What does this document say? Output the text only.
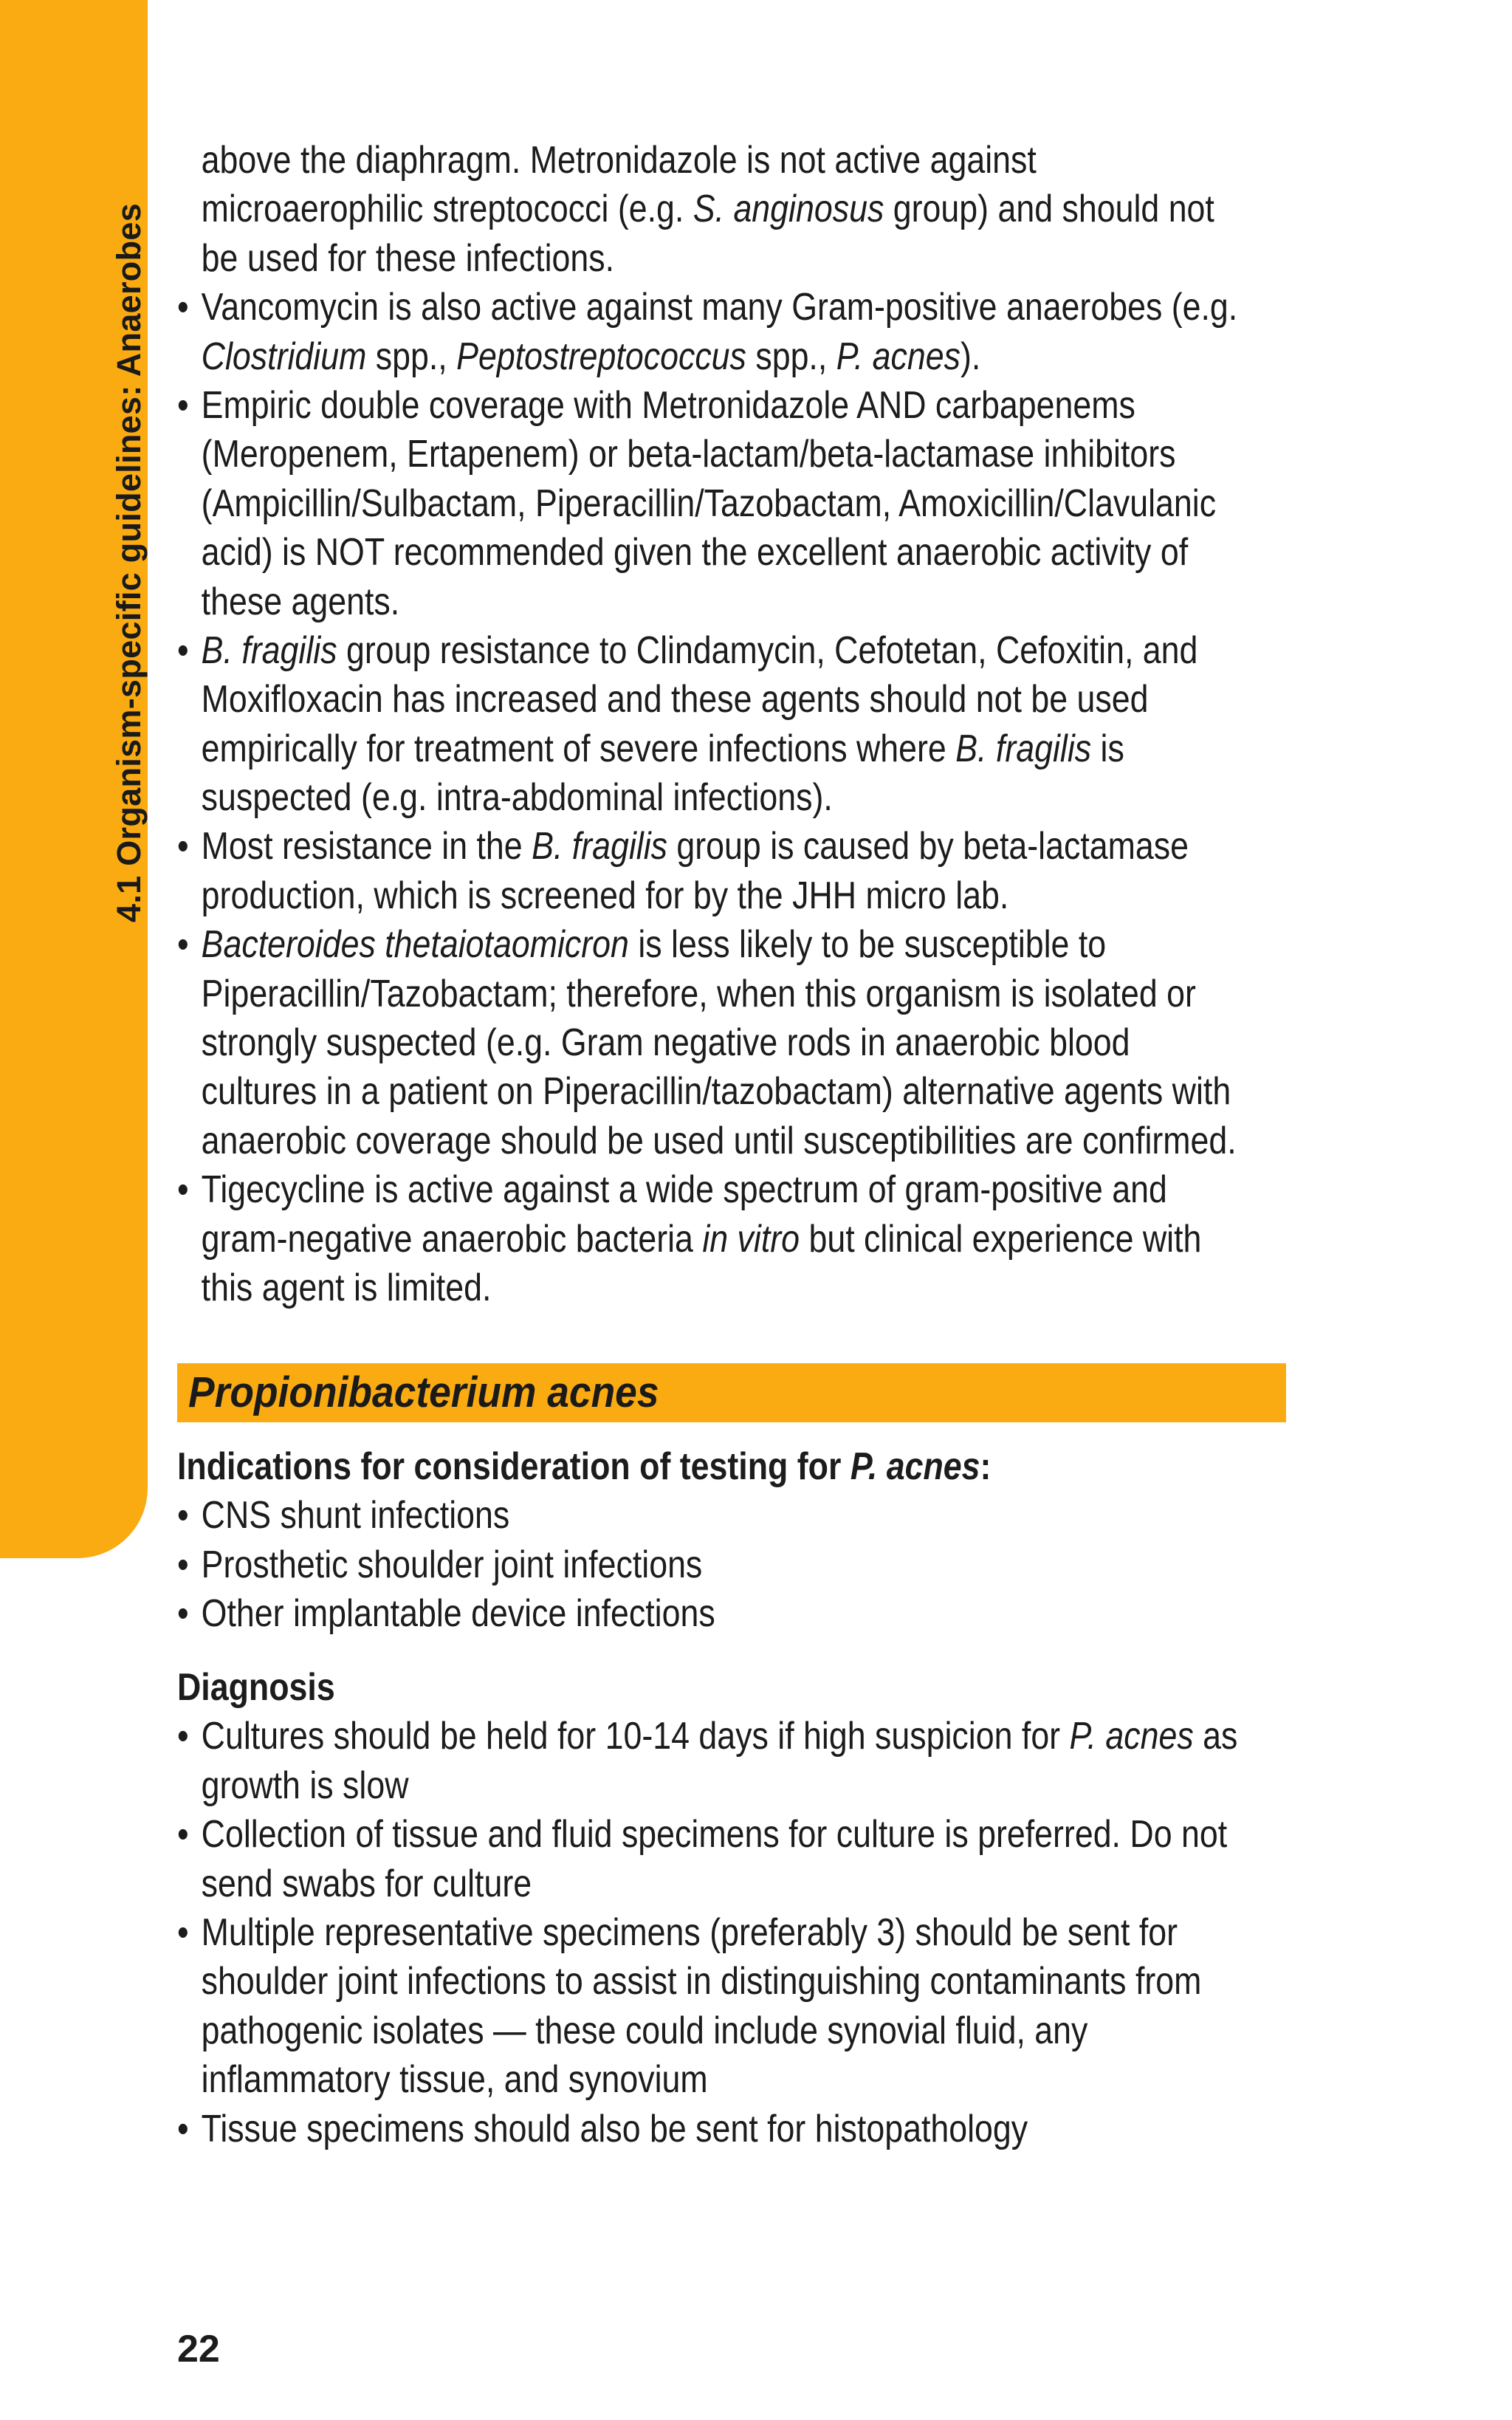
4.1 Organism-specific guidelines: Anaerobes
above the diaphragm. Metronidazole is not active against
microaerophilic streptococci (e.g. S. anginosus group) and should not
be used for these infections.
• Vancomycin is also active against many Gram-positive anaerobes (e.g.
Clostridium spp., Peptostreptococcus spp., P. acnes).
• Empiric double coverage with Metronidazole AND carbapenems
(Meropenem, Ertapenem) or beta-lactam/beta-lactamase inhibitors
(Ampicillin/Sulbactam, Piperacillin/Tazobactam, Amoxicillin/Clavulanic
acid) is NOT recommended given the excellent anaerobic activity of
these agents.
• B. fragilis group resistance to Clindamycin, Cefotetan, Cefoxitin, and
Moxifloxacin has increased and these agents should not be used
empirically for treatment of severe infections where B. fragilis is
suspected (e.g. intra-abdominal infections).
• Most resistance in the B. fragilis group is caused by beta-lactamase
production, which is screened for by the JHH micro lab.
• Bacteroides thetaiotaomicron is less likely to be susceptible to
Piperacillin/Tazobactam; therefore, when this organism is isolated or
strongly suspected (e.g. Gram negative rods in anaerobic blood
cultures in a patient on Piperacillin/tazobactam) alternative agents with
anaerobic coverage should be used until susceptibilities are confirmed.
• Tigecycline is active against a wide spectrum of gram-positive and
gram-negative anaerobic bacteria in vitro but clinical experience with
this agent is limited.
Propionibacterium acnes
Indications for consideration of testing for P. acnes:
• CNS shunt infections
• Prosthetic shoulder joint infections
• Other implantable device infections
Diagnosis
• Cultures should be held for 10-14 days if high suspicion for P. acnes as
growth is slow
• Collection of tissue and fluid specimens for culture is preferred. Do not
send swabs for culture
• Multiple representative specimens (preferably 3) should be sent for
shoulder joint infections to assist in distinguishing contaminants from
pathogenic isolates — these could include synovial fluid, any
inflammatory tissue, and synovium
• Tissue specimens should also be sent for histopathology
22
